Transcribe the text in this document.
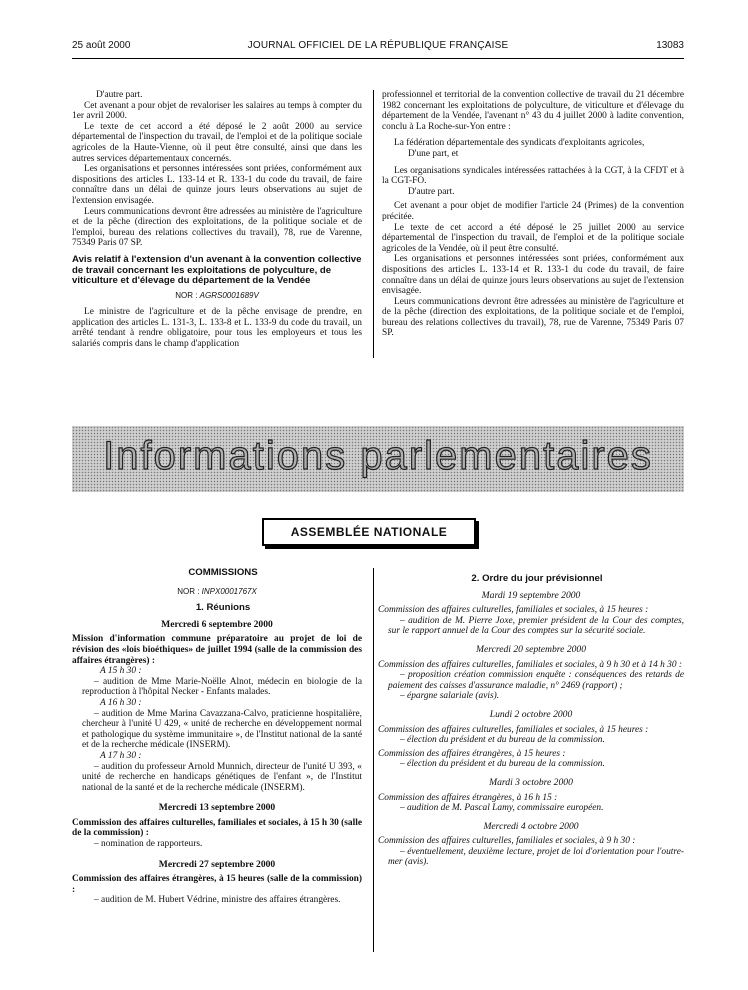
25 août 2000	JOURNAL OFFICIEL DE LA RÉPUBLIQUE FRANÇAISE	13083

D'autre part.

Cet avenant a pour objet de revaloriser les salaires au temps à compter du 1er avril 2000.

Le texte de cet accord a été déposé le 2 août 2000 au service départemental de l'inspection du travail, de l'emploi et de la politique sociale agricoles de la Haute-Vienne, où il peut être consulté, ainsi que dans les autres services départementaux concernés.

Les organisations et personnes intéressées sont priées, conformément aux dispositions des articles L. 133-14 et R. 133-1 du code du travail, de faire connaître dans un délai de quinze jours leurs observations au sujet de l'extension envisagée.

Leurs communications devront être adressées au ministère de l'agriculture et de la pêche (direction des exploitations, de la politique sociale et de l'emploi, bureau des relations collectives du travail), 78, rue de Varenne, 75349 Paris 07 SP.

Avis relatif à l'extension d'un avenant à la convention collective de travail concernant les exploitations de polyculture, de viticulture et d'élevage du département de la Vendée
NOR : AGRS0001689V

Le ministre de l'agriculture et de la pêche envisage de prendre, en application des articles L. 131-3, L. 133-8 et L. 133-9 du code du travail, un arrêté tendant à rendre obligatoire, pour tous les employeurs et tous les salariés compris dans le champ d'application

professionnel et territorial de la convention collective de travail du 21 décembre 1982 concernant les exploitations de polyculture, de viticulture et d'élevage du département de la Vendée, l'avenant n° 43 du 4 juillet 2000 à ladite convention, conclu à La Roche-sur-Yon entre :

La fédération départementale des syndicats d'exploitants agricoles,

D'une part, et

Les organisations syndicales intéressées rattachées à la CGT, à la CFDT et à la CGT-FO.

D'autre part.

Cet avenant a pour objet de modifier l'article 24 (Primes) de la convention précitée.

Le texte de cet accord a été déposé le 25 juillet 2000 au service départemental de l'inspection du travail, de l'emploi et de la politique sociale agricoles de la Vendée, où il peut être consulté.

Les organisations et personnes intéressées sont priées, conformément aux dispositions des articles L. 133-14 et R. 133-1 du code du travail, de faire connaître dans un délai de quinze jours leurs observations au sujet de l'extension envisagée.

Leurs communications devront être adressées au ministère de l'agriculture et de la pêche (direction des exploitations, de la politique sociale et de l'emploi, bureau des relations collectives du travail), 78, rue de Varenne, 75349 Paris 07 SP.

Informations parlementaires
ASSEMBLÉE NATIONALE

COMMISSIONS

NOR : INPX0001767X

1. Réunions

Mercredi 6 septembre 2000

Mission d'information commune préparatoire au projet de loi de révision des «lois bioéthiques» de juillet 1994 (salle de la commission des affaires étrangères) :

A 15 h 30 :

– audition de Mme Marie-Noëlle Alnot, médecin en biologie de la reproduction à l'hôpital Necker - Enfants malades.

A 16 h 30 :

– audition de Mme Marina Cavazzana-Calvo, praticienne hospitalière, chercheur à l'unité U 429, « unité de recherche en développement normal et pathologique du système immunitaire », de l'Institut national de la santé et de la recherche médicale (INSERM).

A 17 h 30 :

– audition du professeur Arnold Munnich, directeur de l'unité U 393, « unité de recherche en handicaps génétiques de l'enfant », de l'Institut national de la santé et de la recherche médicale (INSERM).

Mercredi 13 septembre 2000

Commission des affaires culturelles, familiales et sociales, à 15 h 30 (salle de la commission) :

– nomination de rapporteurs.

Mercredi 27 septembre 2000

Commission des affaires étrangères, à 15 heures (salle de la commission) :

– audition de M. Hubert Védrine, ministre des affaires étrangères.

2. Ordre du jour prévisionnel

Mardi 19 septembre 2000

Commission des affaires culturelles, familiales et sociales, à 15 heures :

– audition de M. Pierre Joxe, premier président de la Cour des comptes, sur le rapport annuel de la Cour des comptes sur la sécurité sociale.

Mercredi 20 septembre 2000

Commission des affaires culturelles, familiales et sociales, à 9 h 30 et à 14 h 30 :

– proposition création commission enquête : conséquences des retards de paiement des caisses d'assurance maladie, n° 2469 (rapport) ;

– épargne salariale (avis).

Lundi 2 octobre 2000

Commission des affaires culturelles, familiales et sociales, à 15 heures :

– élection du président et du bureau de la commission.

Commission des affaires étrangères, à 15 heures :

– élection du président et du bureau de la commission.

Mardi 3 octobre 2000

Commission des affaires étrangères, à 16 h 15 :

– audition de M. Pascal Lamy, commissaire européen.

Mercredi 4 octobre 2000

Commission des affaires culturelles, familiales et sociales, à 9 h 30 :

– éventuellement, deuxième lecture, projet de loi d'orientation pour l'outre-mer (avis).
